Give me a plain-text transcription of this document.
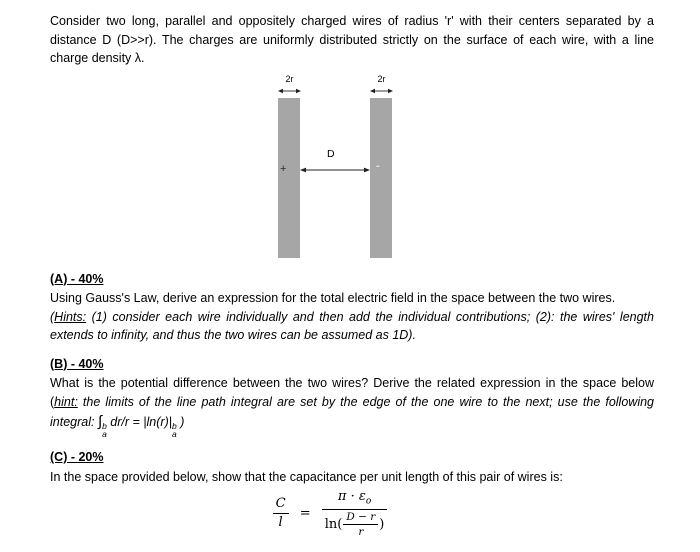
Consider two long, parallel and oppositely charged wires of radius 'r' with their centers separated by a distance D (D>>r). The charges are uniformly distributed strictly on the surface of each wire, with a line charge density λ.

2r	2r
+	-
D

(A) - 40%

Using Gauss's Law, derive an expression for the total electric field in the space between the two wires.

(Hints: (1) consider each wire individually and then add the individual contributions; (2): the wires' length extends to infinity, and thus the two wires can be assumed as 1D).

(B) - 40%

What is the potential difference between the two wires? Derive the related expression in the space below (hint: the limits of the line path integral are set by the edge of the one wire to the next; use the following integral: ∫ b
a
dr/r = |ln(r)| b
a
)

(C) - 20%

In the space provided below, show that the capacitance per unit length of this pair of wires is:

$\frac{C}{l} = \frac{\pi \cdot \varepsilon_o}{\ln( \frac{D - r}{r} )}$
